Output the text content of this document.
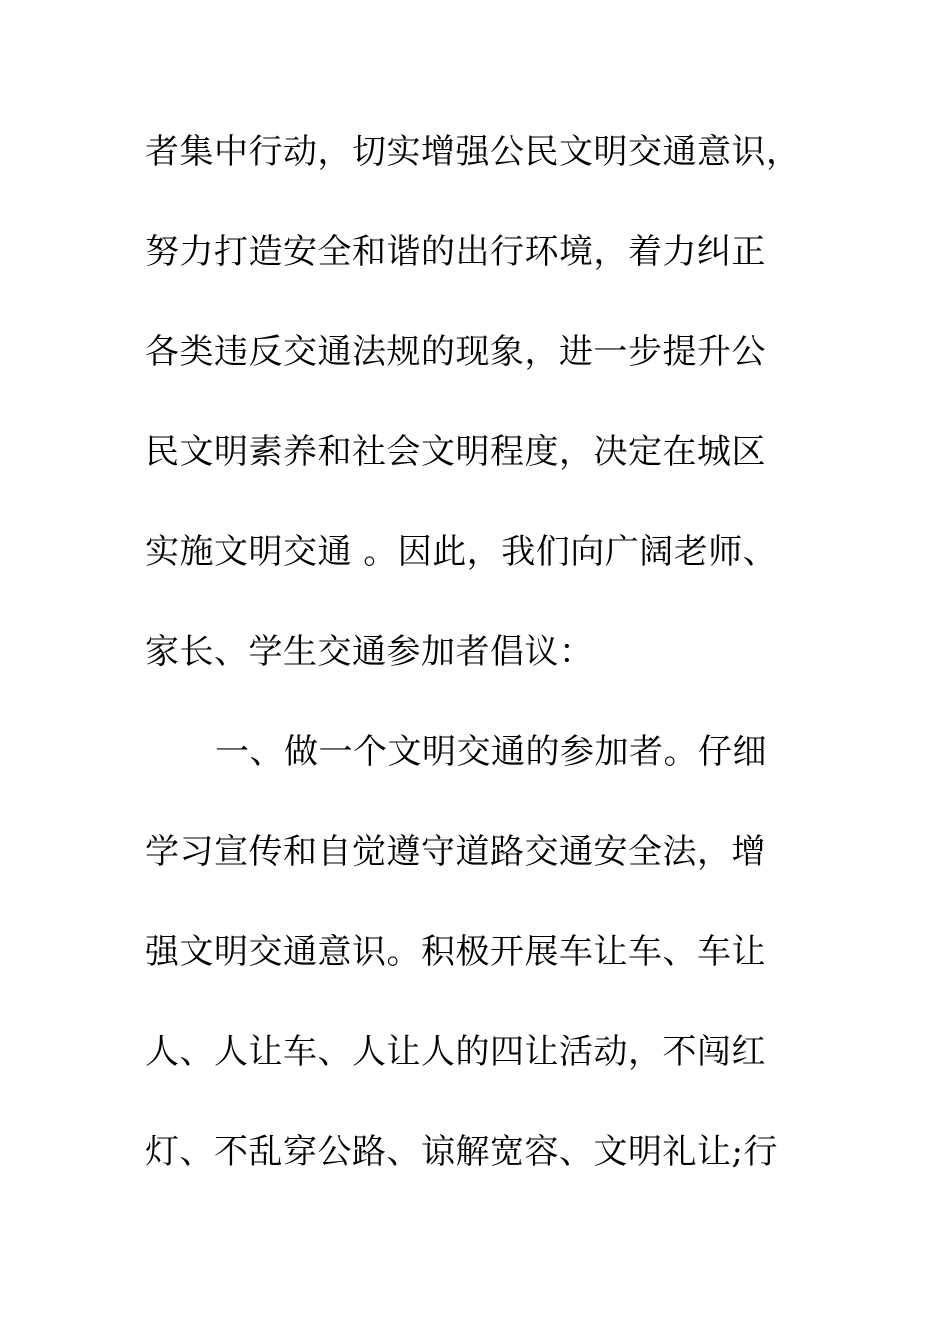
者集中行动，切实增强公民文明交通意识，
努力打造安全和谐的出行环境，着力纠正
各类违反交通法规的现象，进一步提升公
民文明素养和社会文明程度，决定在城区
实施文明交通 。因此，我们向广阔老师、
家长、学生交通参加者倡议：
一、做一个文明交通的参加者。仔细
学习宣传和自觉遵守道路交通安全法，增
强文明交通意识。积极开展车让车、车让
人、人让车、人让人的四让活动，不闯红
灯、不乱穿公路、谅解宽容、文明礼让;行
